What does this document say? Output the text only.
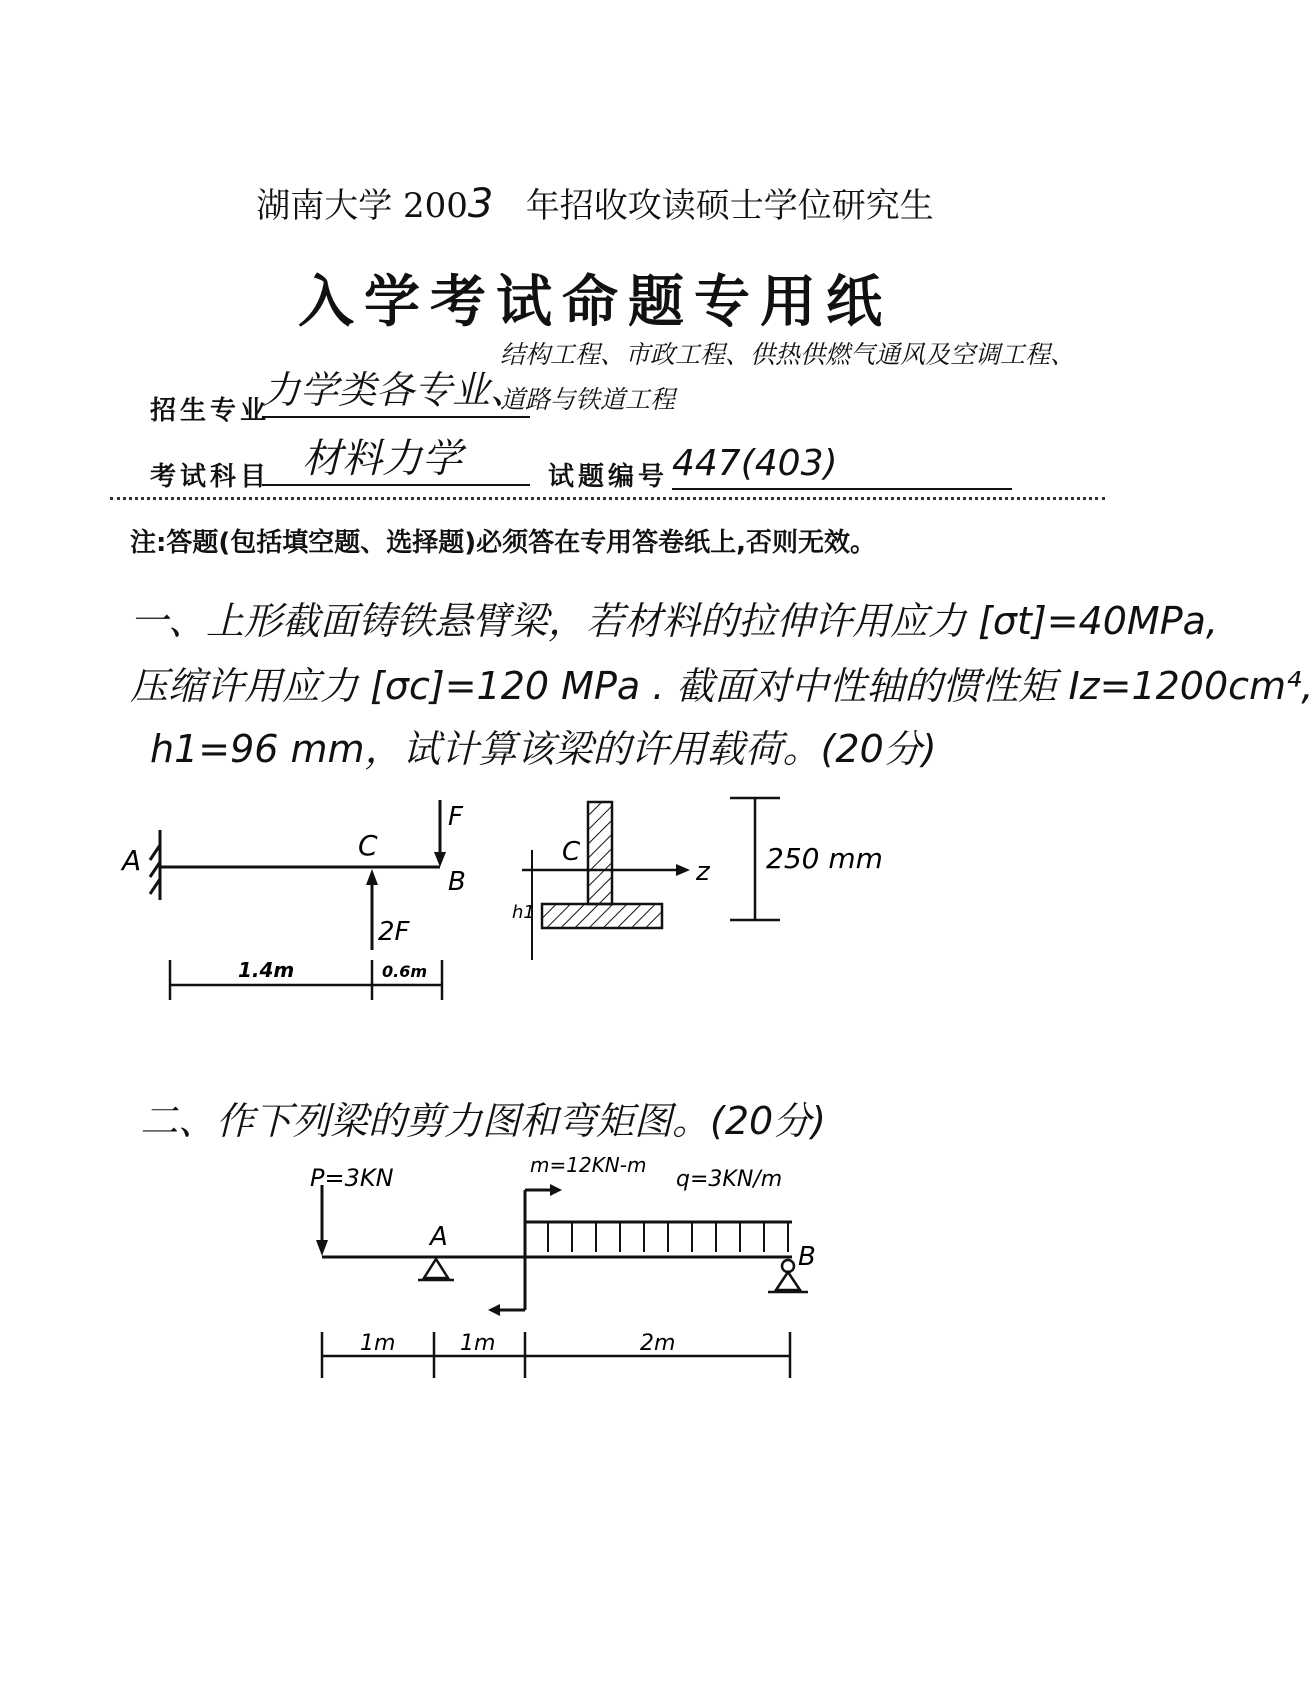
湖南大学 2003 年招收攻读硕士学位研究生
入学考试命题专用纸
招生专业
力学类各专业、
结构工程、市政工程、供热供燃气通风及空调工程、
道路与铁道工程
考试科目 材料力学	试题编号 447(403)
注:答题(包括填空题、选择题)必须答在专用答卷纸上,否则无效。
一、上形截面铸铁悬臂梁，若材料的拉伸许用应力 [σt]=40MPa,
压缩许用应力 [σc]=120 MPa . 截面对中性轴的惯性矩 Iz=1200cm⁴,
h1=96 mm，试计算该梁的许用载荷。(20分)
A	C
B
F
2F
1.4m	0.6m
C
z
h1
250 mm
二、作下列梁的剪力图和弯矩图。(20分)
P=3KN
A
m=12KN-m
q=3KN/m
B
1m	1m	2m
